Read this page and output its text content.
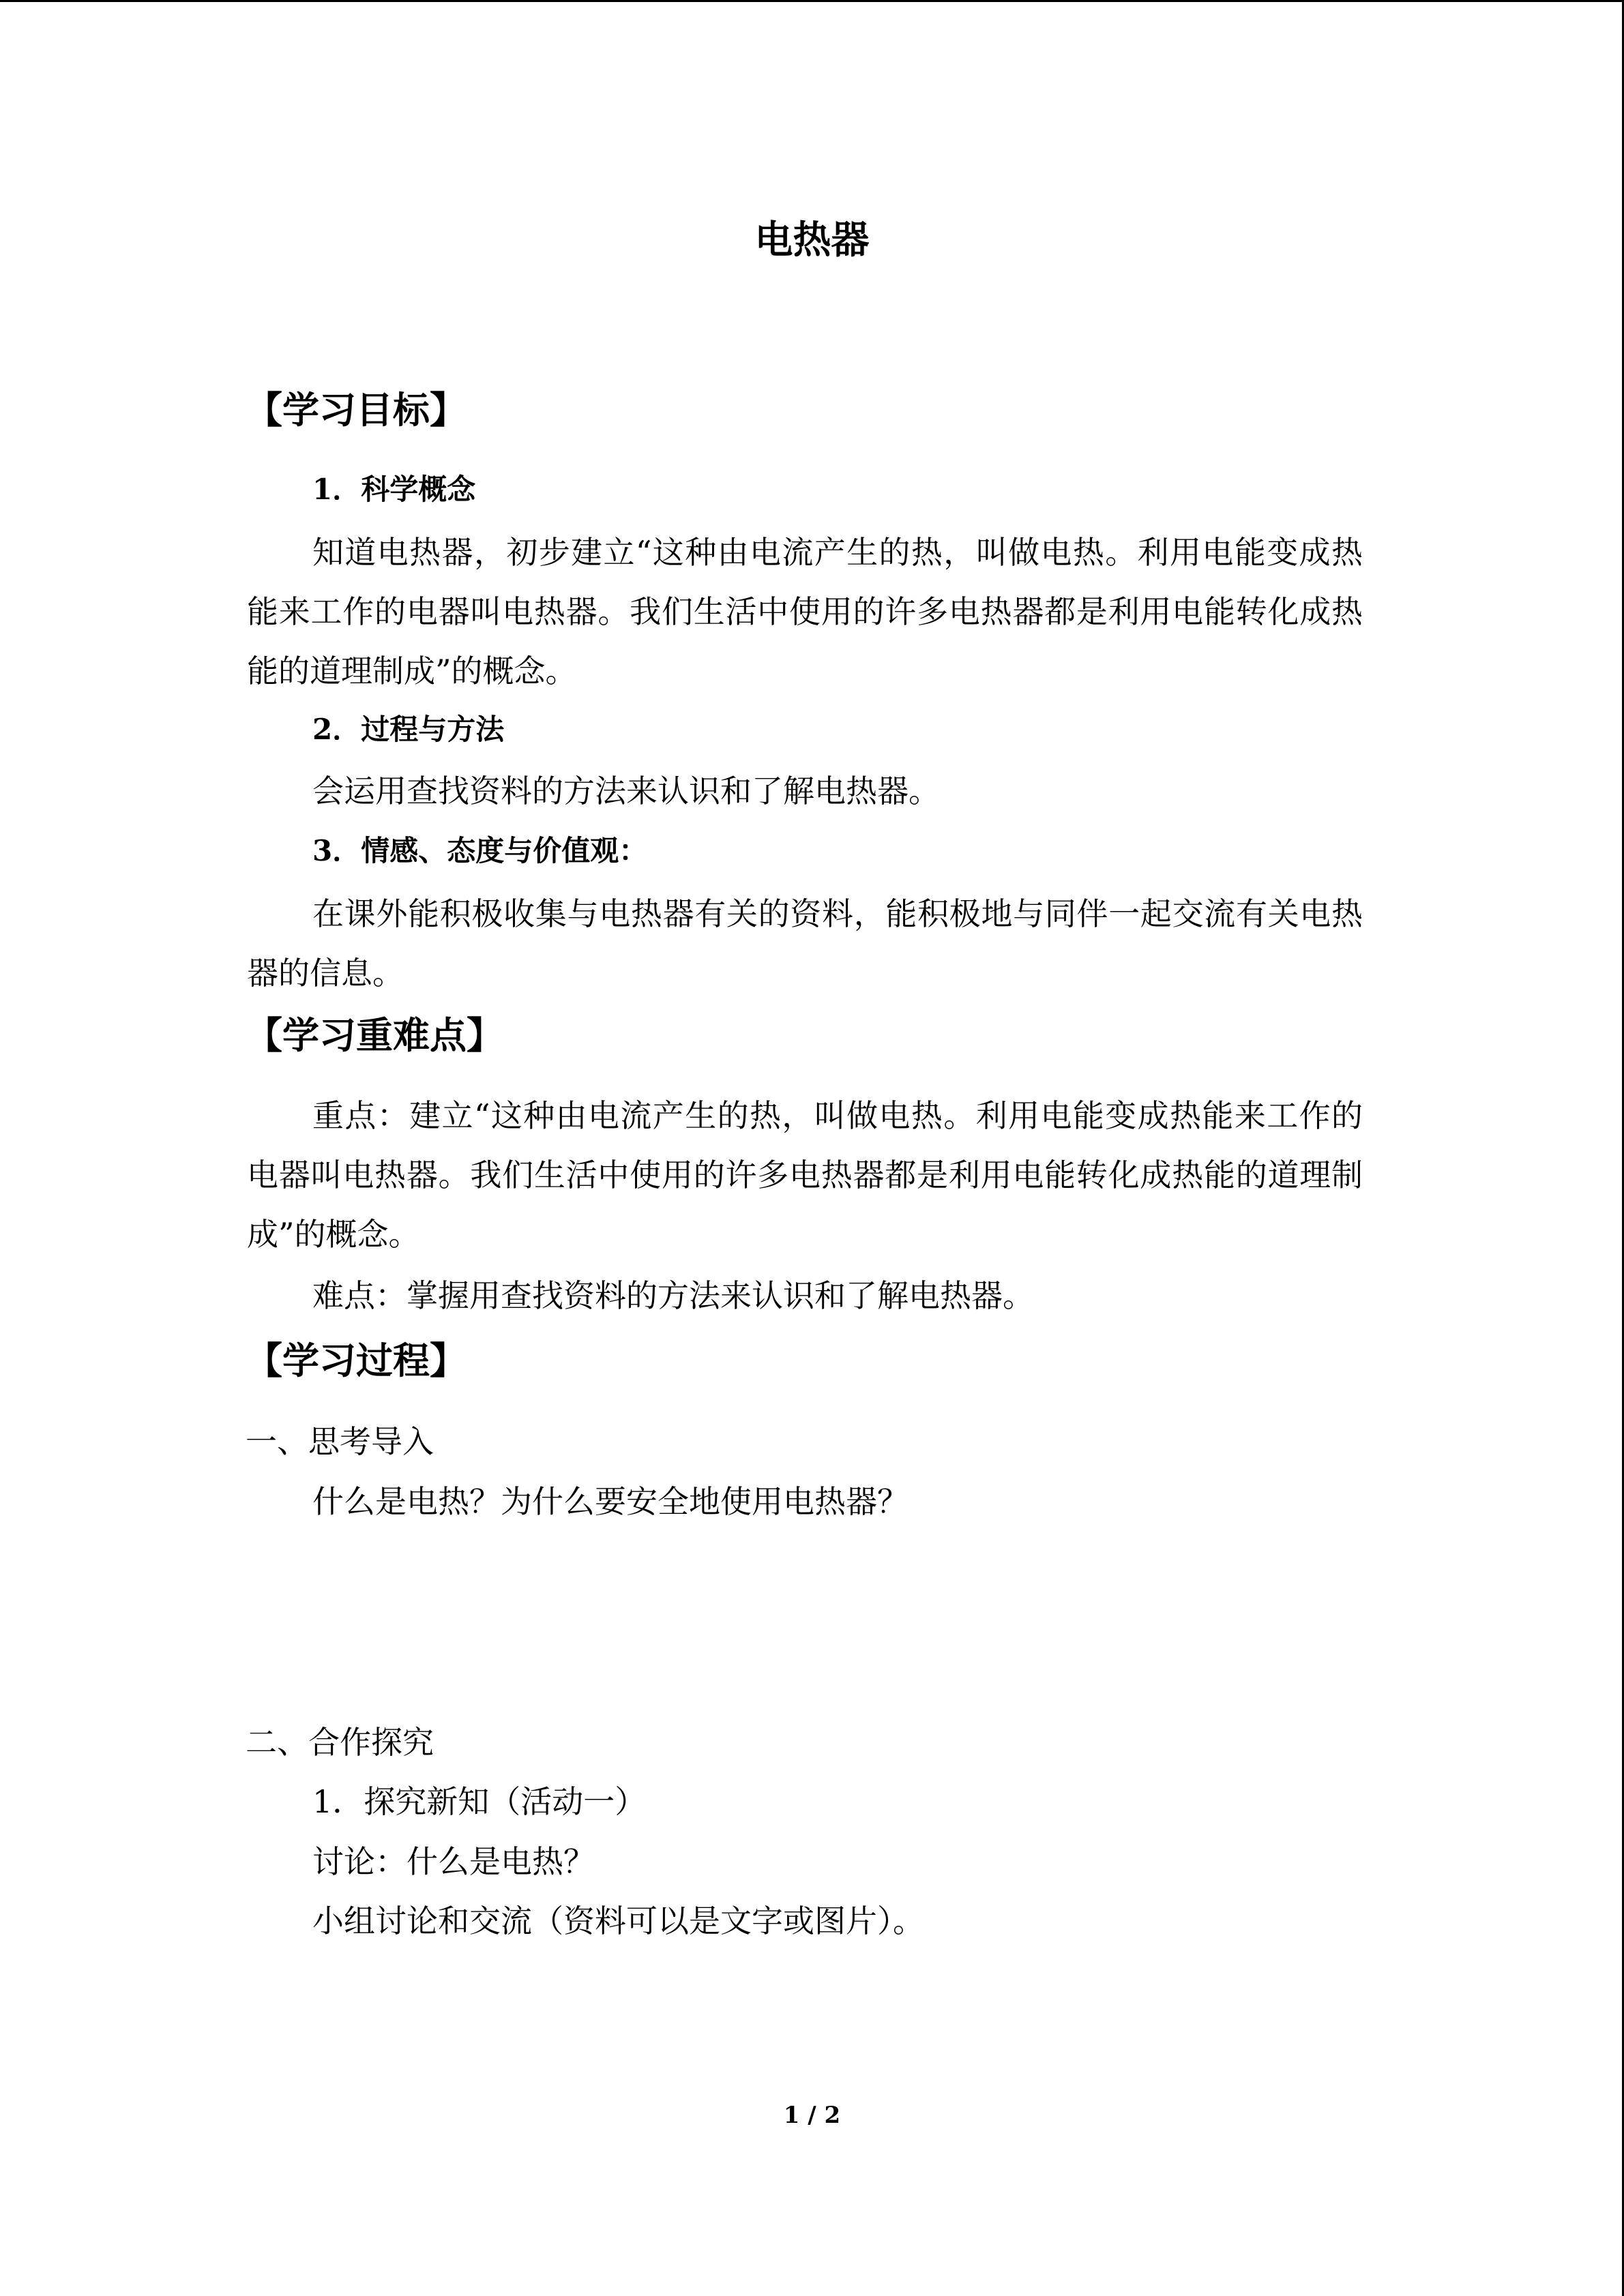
电热器
【学习目标】
1．科学概念
知道电热器，初步建立“这种由电流产生的热，叫做电热。利用电能变成热能来工作的电器叫电热器。我们生活中使用的许多电热器都是利用电能转化成热能的道理制成”的概念。
2．过程与方法
会运用查找资料的方法来认识和了解电热器。
3．情感、态度与价值观：
在课外能积极收集与电热器有关的资料，能积极地与同伴一起交流有关电热器的信息。
【学习重难点】
重点：建立“这种由电流产生的热，叫做电热。利用电能变成热能来工作的电器叫电热器。我们生活中使用的许多电热器都是利用电能转化成热能的道理制成”的概念。
难点：掌握用查找资料的方法来认识和了解电热器。
【学习过程】
一、思考导入
什么是电热？为什么要安全地使用电热器？
二、合作探究
1．探究新知（活动一）
讨论：什么是电热？
小组讨论和交流（资料可以是文字或图片）。
1 / 2
